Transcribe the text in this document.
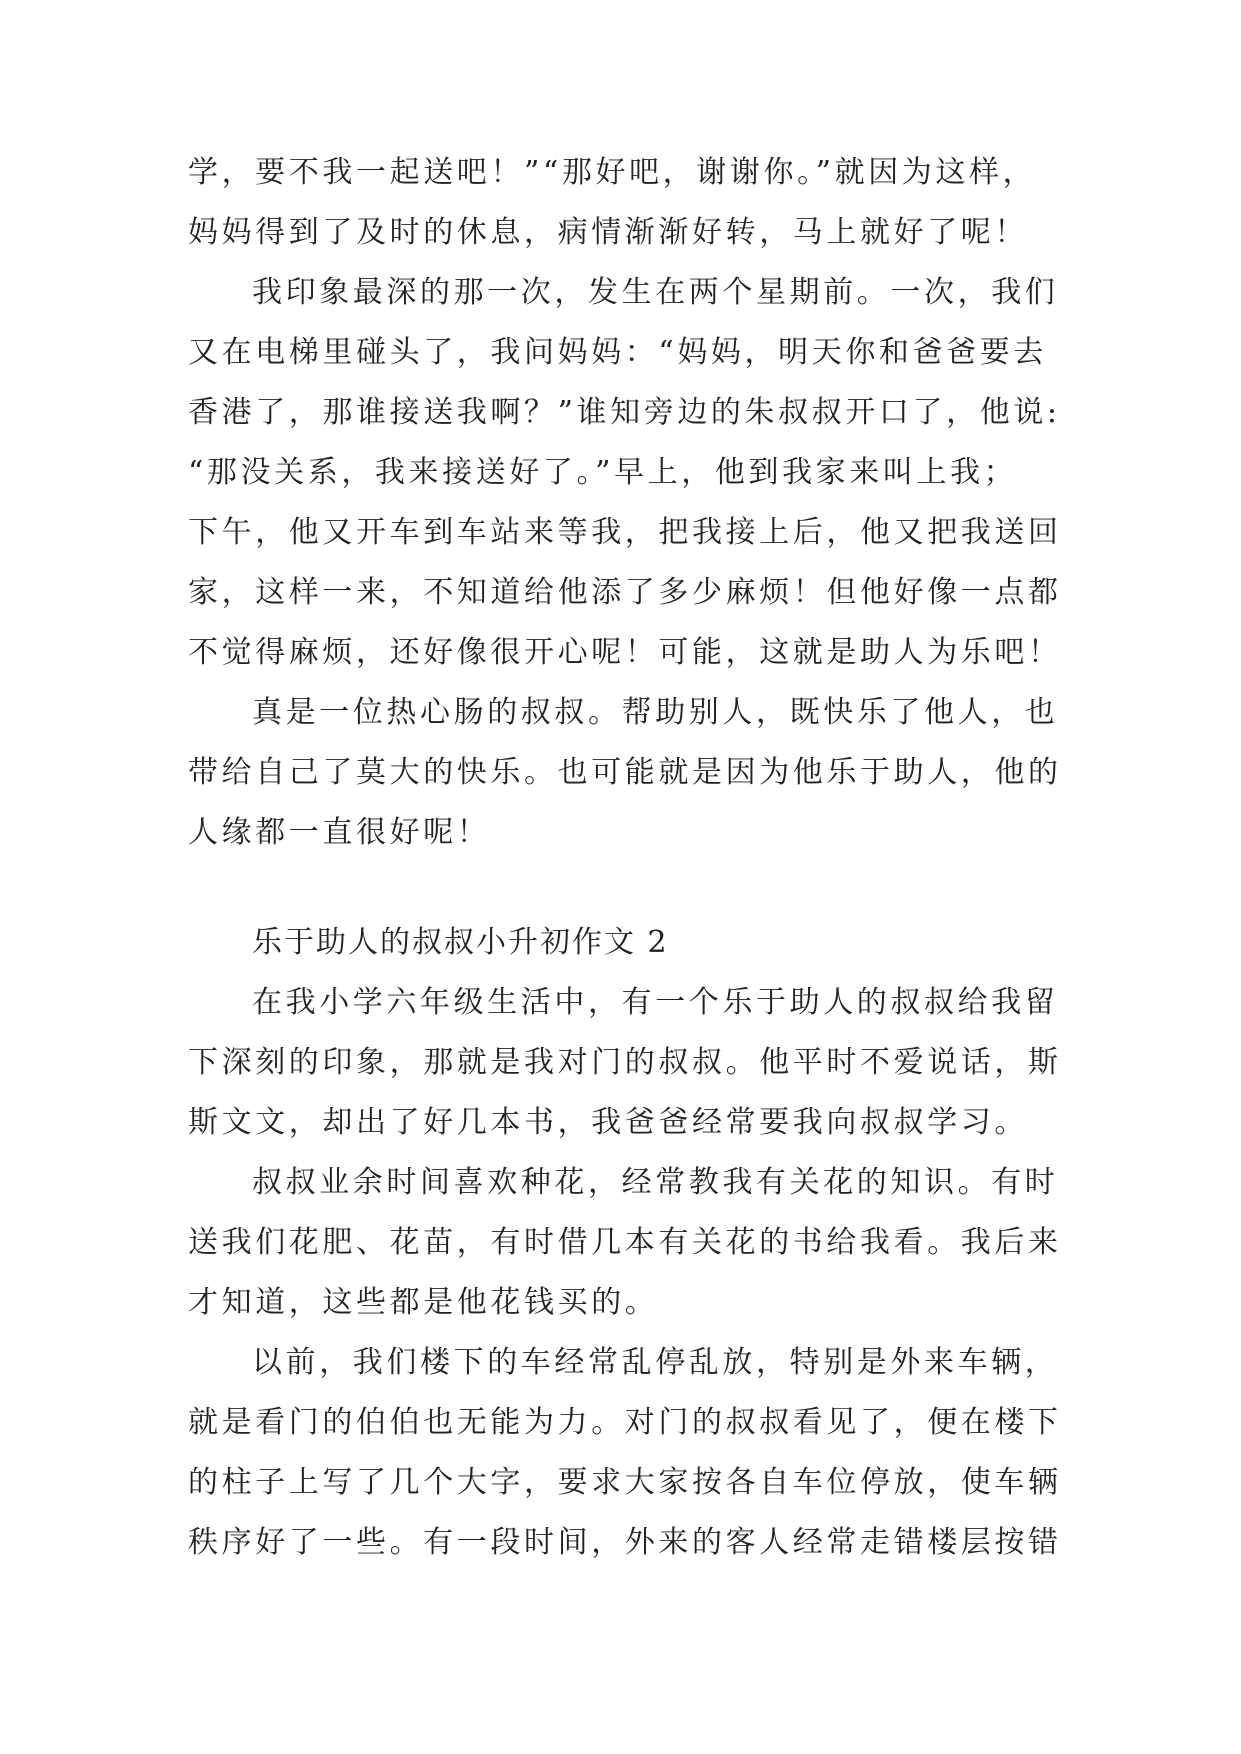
学，要不我一起送吧！”“那好吧，谢谢你。”就因为这样，
妈妈得到了及时的休息，病情渐渐好转，马上就好了呢！
我印象最深的那一次，发生在两个星期前。一次，我们
又在电梯里碰头了，我问妈妈：“妈妈，明天你和爸爸要去
香港了，那谁接送我啊？”谁知旁边的朱叔叔开口了，他说:
“那没关系，我来接送好了。”早上，他到我家来叫上我；
下午，他又开车到车站来等我，把我接上后，他又把我送回
家，这样一来，不知道给他添了多少麻烦！但他好像一点都
不觉得麻烦，还好像很开心呢！可能，这就是助人为乐吧！
真是一位热心肠的叔叔。帮助别人，既快乐了他人，也
带给自己了莫大的快乐。也可能就是因为他乐于助人，他的
人缘都一直很好呢！
乐于助人的叔叔小升初作文 2
在我小学六年级生活中，有一个乐于助人的叔叔给我留
下深刻的印象，那就是我对门的叔叔。他平时不爱说话，斯
斯文文，却出了好几本书，我爸爸经常要我向叔叔学习。
叔叔业余时间喜欢种花，经常教我有关花的知识。有时
送我们花肥、花苗，有时借几本有关花的书给我看。我后来
才知道，这些都是他花钱买的。
以前，我们楼下的车经常乱停乱放，特别是外来车辆，
就是看门的伯伯也无能为力。对门的叔叔看见了，便在楼下
的柱子上写了几个大字，要求大家按各自车位停放，使车辆
秩序好了一些。有一段时间，外来的客人经常走错楼层按错
